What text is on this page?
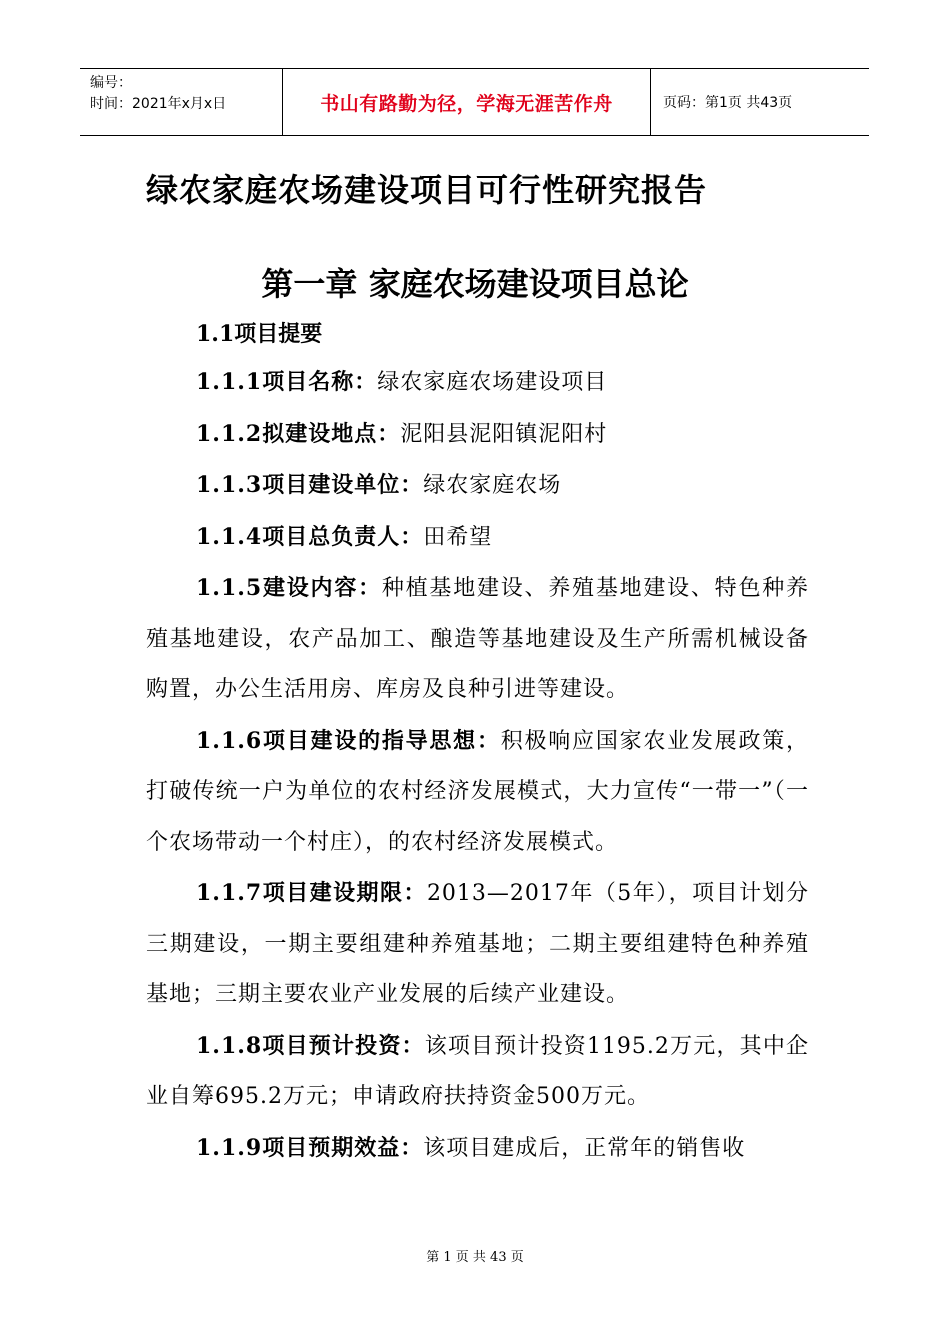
编号：
时间：2021年x月x日	书山有路勤为径，学海无涯苦作舟	页码：第1页 共43页
绿农家庭农场建设项目可行性研究报告
第一章 家庭农场建设项目总论
1.1项目提要

1.1.1项目名称：绿农家庭农场建设项目

1.1.2拟建设地点：泥阳县泥阳镇泥阳村

1.1.3项目建设单位：绿农家庭农场

1.1.4项目总负责人：田希望

1.1.5建设内容：种植基地建设、养殖基地建设、特色种养殖基地建设，农产品加工、酿造等基地建设及生产所需机械设备购置，办公生活用房、库房及良种引进等建设。

1.1.6项目建设的指导思想：积极响应国家农业发展政策，打破传统一户为单位的农村经济发展模式，大力宣传“一带一”（一个农场带动一个村庄），的农村经济发展模式。

1.1.7项目建设期限：2013—2017年（5年），项目计划分三期建设，一期主要组建种养殖基地；二期主要组建特色种养殖基地；三期主要农业产业发展的后续产业建设。

1.1.8项目预计投资：该项目预计投资1195.2万元，其中企业自筹695.2万元；申请政府扶持资金500万元。

1.1.9项目预期效益：该项目建成后，正常年的销售收

第 1 页 共 43 页
